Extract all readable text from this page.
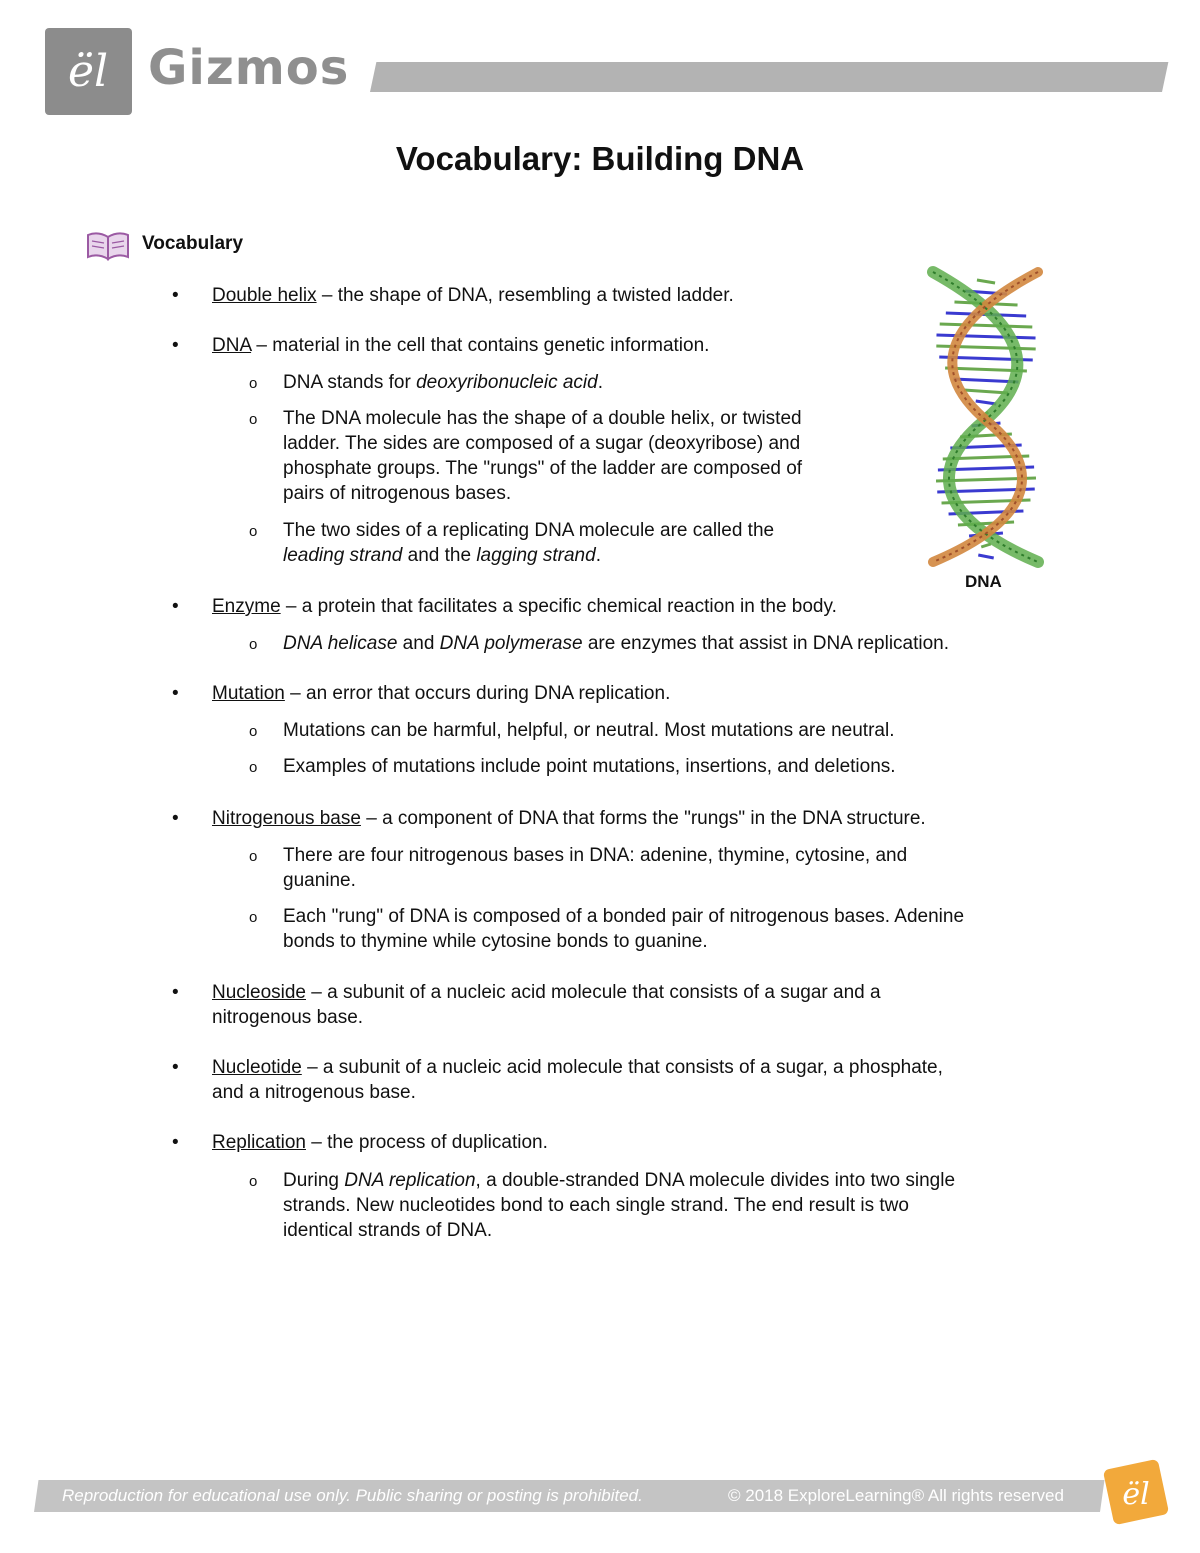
ël Gizmos
Vocabulary: Building DNA
Vocabulary

DNA

• Double helix – the shape of DNA, resembling a twisted ladder.
• DNA – material in the cell that contains genetic information.
o DNA stands for deoxyribonucleic acid.
o The DNA molecule has the shape of a double helix, or twisted
ladder. The sides are composed of a sugar (deoxyribose) and
phosphate groups. The "rungs" of the ladder are composed of
pairs of nitrogenous bases.
o The two sides of a replicating DNA molecule are called the
leading strand and the lagging strand.
• Enzyme – a protein that facilitates a specific chemical reaction in the body.
o DNA helicase and DNA polymerase are enzymes that assist in DNA replication.
• Mutation – an error that occurs during DNA replication.
o Mutations can be harmful, helpful, or neutral. Most mutations are neutral.
o Examples of mutations include point mutations, insertions, and deletions.
• Nitrogenous base – a component of DNA that forms the "rungs" in the DNA structure.
o There are four nitrogenous bases in DNA: adenine, thymine, cytosine, and
guanine.
o Each "rung" of DNA is composed of a bonded pair of nitrogenous bases. Adenine
bonds to thymine while cytosine bonds to guanine.
• Nucleoside – a subunit of a nucleic acid molecule that consists of a sugar and a
nitrogenous base.
• Nucleotide – a subunit of a nucleic acid molecule that consists of a sugar, a phosphate,
and a nitrogenous base.
• Replication – the process of duplication.
o During DNA replication, a double-stranded DNA molecule divides into two single
strands. New nucleotides bond to each single strand. The end result is two
identical strands of DNA.
Reproduction for educational use only. Public sharing or posting is prohibited.	© 2018 ExploreLearning® All rights reserved ël
